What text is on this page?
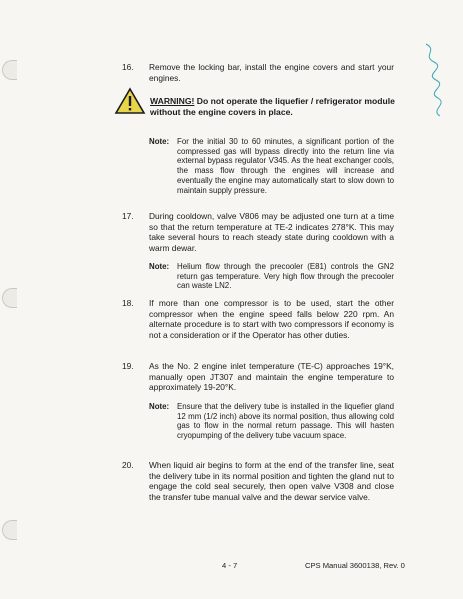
16. Remove the locking bar, install the engine covers and start your engines.
WARNING! Do not operate the liquefier / refrigerator module without the engine covers in place.
Note: For the initial 30 to 60 minutes, a significant portion of the compressed gas will bypass directly into the return line via external bypass regulator V345. As the heat exchanger cools, the mass flow through the engines will increase and eventually the engine may automatically start to slow down to maintain supply pressure.
17. During cooldown, valve V806 may be adjusted one turn at a time so that the return temperature at TE-2 indicates 278°K. This may take several hours to reach steady state during cooldown with a warm dewar.
Note: Helium flow through the precooler (E81) controls the GN2 return gas temperature. Very high flow through the precooler can waste LN2.
18. If more than one compressor is to be used, start the other compressor when the engine speed falls below 220 rpm. An alternate procedure is to start with two compressors if economy is not a consideration or if the Operator has other duties.
19. As the No. 2 engine inlet temperature (TE-C) approaches 19°K, manually open JT307 and maintain the engine temperature to approximately 19-20°K.
Note: Ensure that the delivery tube is installed in the liquefier gland 12 mm (1/2 inch) above its normal position, thus allowing cold gas to flow in the normal return passage. This will hasten cryopumping of the delivery tube vacuum space.
20. When liquid air begins to form at the end of the transfer line, seat the delivery tube in its normal position and tighten the gland nut to engage the cold seal securely, then open valve V308 and close the transfer tube manual valve and the dewar service valve.
4 - 7	CPS Manual 3600138, Rev. 0
